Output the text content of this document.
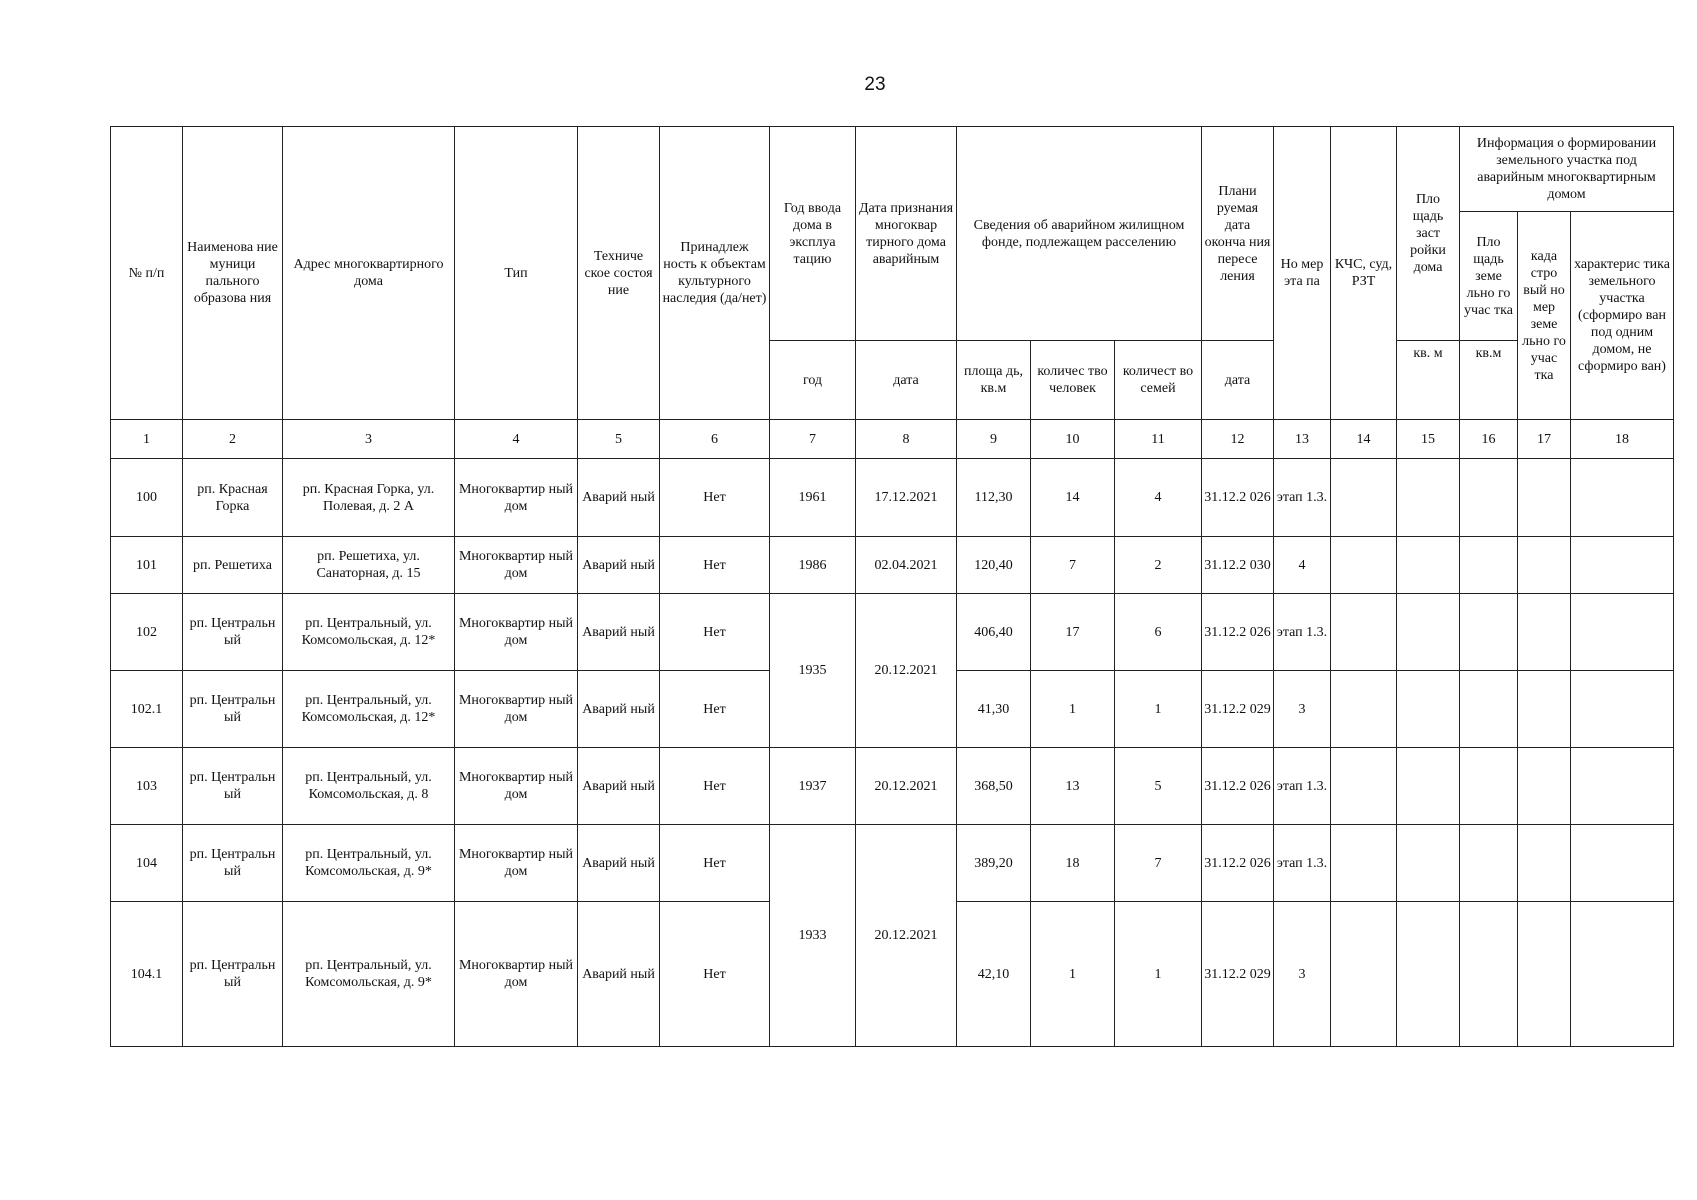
23
№ п/п	Наименова ние муници пального образова ния	Адрес многоквартирного дома	Тип	Техниче ское состоя ние	Принадлеж ность к объектам культурного наследия (да/нет)	Год ввода дома в эксплуа тацию	Дата признания многоквар тирного дома аварийным	Сведения об аварийном жилищном фонде, подлежащем расселению			Плани руемая дата оконча ния пересе ления	Но мер эта па	КЧС, суд, РЗТ	Пло щадь заст ройки дома	Информация о формировании земельного участка под аварийным многоквартирным домом		
															Пло щадь земе льно го учас тка	када стро вый но мер земе льно го учас тка	характерис тика земельного участка (сформиро ван под одним домом, не сформиро ван)
						год	дата	площа дь, кв.м	количес тво человек	количест во семей	дата			кв. м	кв.м		
1	2	3	4	5	6	7	8	9	10	11	12	13	14	15	16	17	18
100	рп. Красная Горка	рп. Красная Горка, ул. Полевая, д. 2 А	Многоквартир ный дом	Аварий ный	Нет	1961	17.12.2021	112,30	14	4	31.12.2 026	этап 1.3.					
101	рп. Решетиха	рп. Решетиха, ул. Санаторная, д. 15	Многоквартир ный дом	Аварий ный	Нет	1986	02.04.2021	120,40	7	2	31.12.2 030	4					
102	рп. Центральн ый	рп. Центральный, ул. Комсомольская, д. 12*	Многоквартир ный дом	Аварий ный	Нет	1935	20.12.2021	406,40	17	6	31.12.2 026	этап 1.3.					
102.1	рп. Центральн ый	рп. Центральный, ул. Комсомольская, д. 12*	Многоквартир ный дом	Аварий ный	Нет			41,30	1	1	31.12.2 029	3					
103	рп. Центральн ый	рп. Центральный, ул. Комсомольская, д. 8	Многоквартир ный дом	Аварий ный	Нет	1937	20.12.2021	368,50	13	5	31.12.2 026	этап 1.3.					
104	рп. Центральн ый	рп. Центральный, ул. Комсомольская, д. 9*	Многоквартир ный дом	Аварий ный	Нет	1933	20.12.2021	389,20	18	7	31.12.2 026	этап 1.3.					
104.1	рп. Центральн ый	рп. Центральный, ул. Комсомольская, д. 9*	Многоквартир ный дом	Аварий ный	Нет			42,10	1	1	31.12.2 029	3					
